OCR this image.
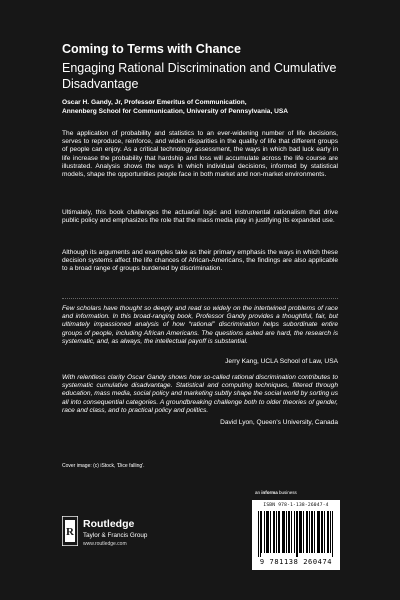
Coming to Terms with Chance
Engaging Rational Discrimination and Cumulative Disadvantage
Oscar H. Gandy, Jr, Professor Emeritus of Communication,
Annenberg School for Communication, University of Pennsylvania, USA
The application of probability and statistics to an ever-widening number of life decisions, serves to reproduce, reinforce, and widen disparities in the quality of life that different groups of people can enjoy. As a critical technology assessment, the ways in which bad luck early in life increase the probability that hardship and loss will accumulate across the life course are illustrated. Analysis shows the ways in which individual decisions, informed by statistical models, shape the opportunities people face in both market and non-market environments.
Ultimately, this book challenges the actuarial logic and instrumental rationalism that drive public policy and emphasizes the role that the mass media play in justifying its expanded use.
Although its arguments and examples take as their primary emphasis the ways in which these decision systems affect the life chances of African-Americans, the findings are also applicable to a broad range of groups burdened by discrimination.
Few scholars have thought so deeply and read so widely on the intertwined problems of race and information. In this broad-ranging book, Professor Gandy provides a thoughtful, fair, but ultimately impassioned analysis of how “rational” discrimination helps subordinate entire groups of people, including African Americans. The questions asked are hard, the research is systematic, and, as always, the intellectual payoff is substantial.
Jerry Kang, UCLA School of Law, USA
With relentless clarity Oscar Gandy shows how so-called rational discrimination contributes to systematic cumulative disadvantage. Statistical and computing techniques, filtered through education, mass media, social policy and marketing subtly shape the social world by sorting us all into consequential categories. A groundbreaking challenge both to older theories of gender, race and class, and to practical policy and politics.
David Lyon, Queen’s University, Canada
Cover image: (c) iStock, 'Dice falling'.
an informa business
ISBN 978-1-138-26047-4
9 781138 260474
R
Routledge
Taylor & Francis Group
www.routledge.com
